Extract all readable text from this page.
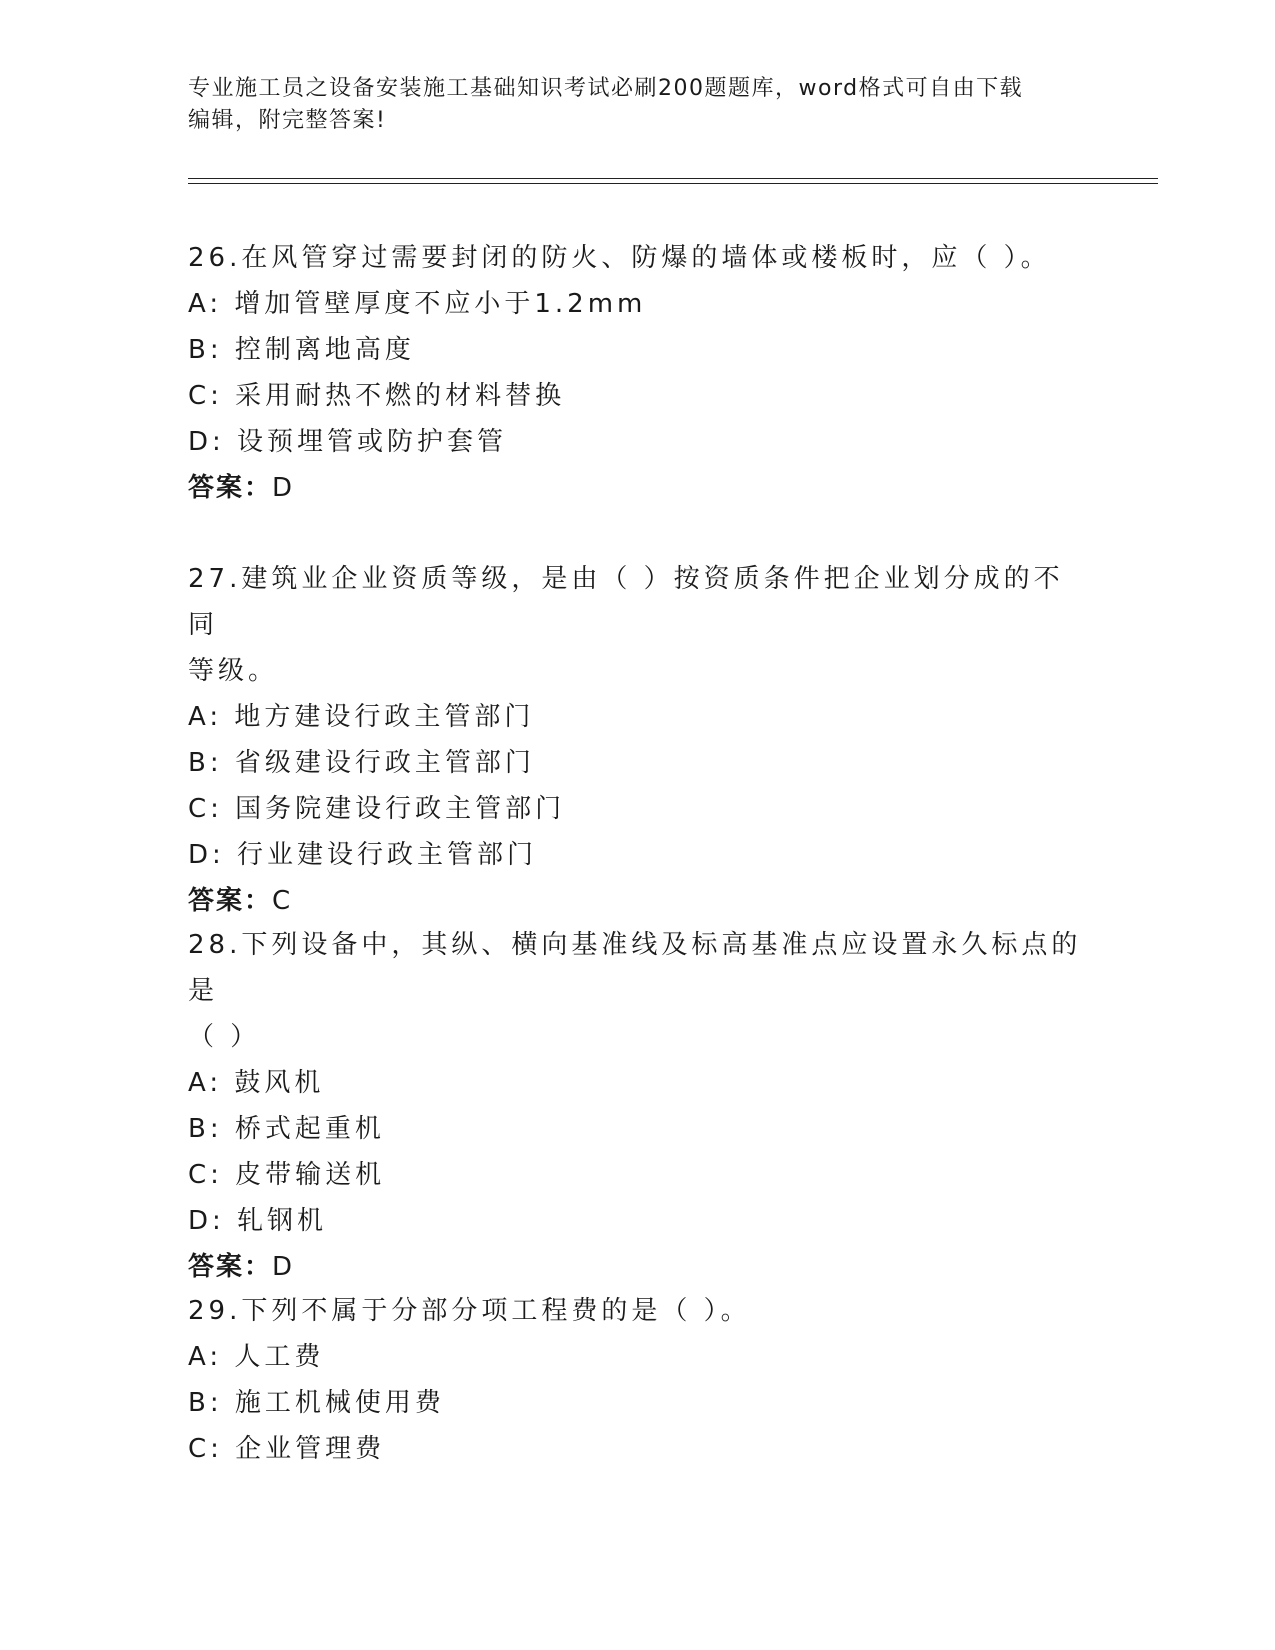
专业施工员之设备安装施工基础知识考试必刷200题题库，word格式可自由下载
编辑，附完整答案!

26.在风管穿过需要封闭的防火、防爆的墙体或楼板时，应（ ）。

A: 增加管壁厚度不应小于1.2mm

B: 控制离地高度

C: 采用耐热不燃的材料替换

D: 设预埋管或防护套管

答案：D

27.建筑业企业资质等级，是由（ ）按资质条件把企业划分成的不同

等级。

A: 地方建设行政主管部门

B: 省级建设行政主管部门

C: 国务院建设行政主管部门

D: 行业建设行政主管部门

答案：C

28.下列设备中，其纵、横向基准线及标高基准点应设置永久标点的是

（ ）

A: 鼓风机

B: 桥式起重机

C: 皮带输送机

D: 轧钢机

答案：D

29.下列不属于分部分项工程费的是（ ）。

A: 人工费

B: 施工机械使用费

C: 企业管理费
